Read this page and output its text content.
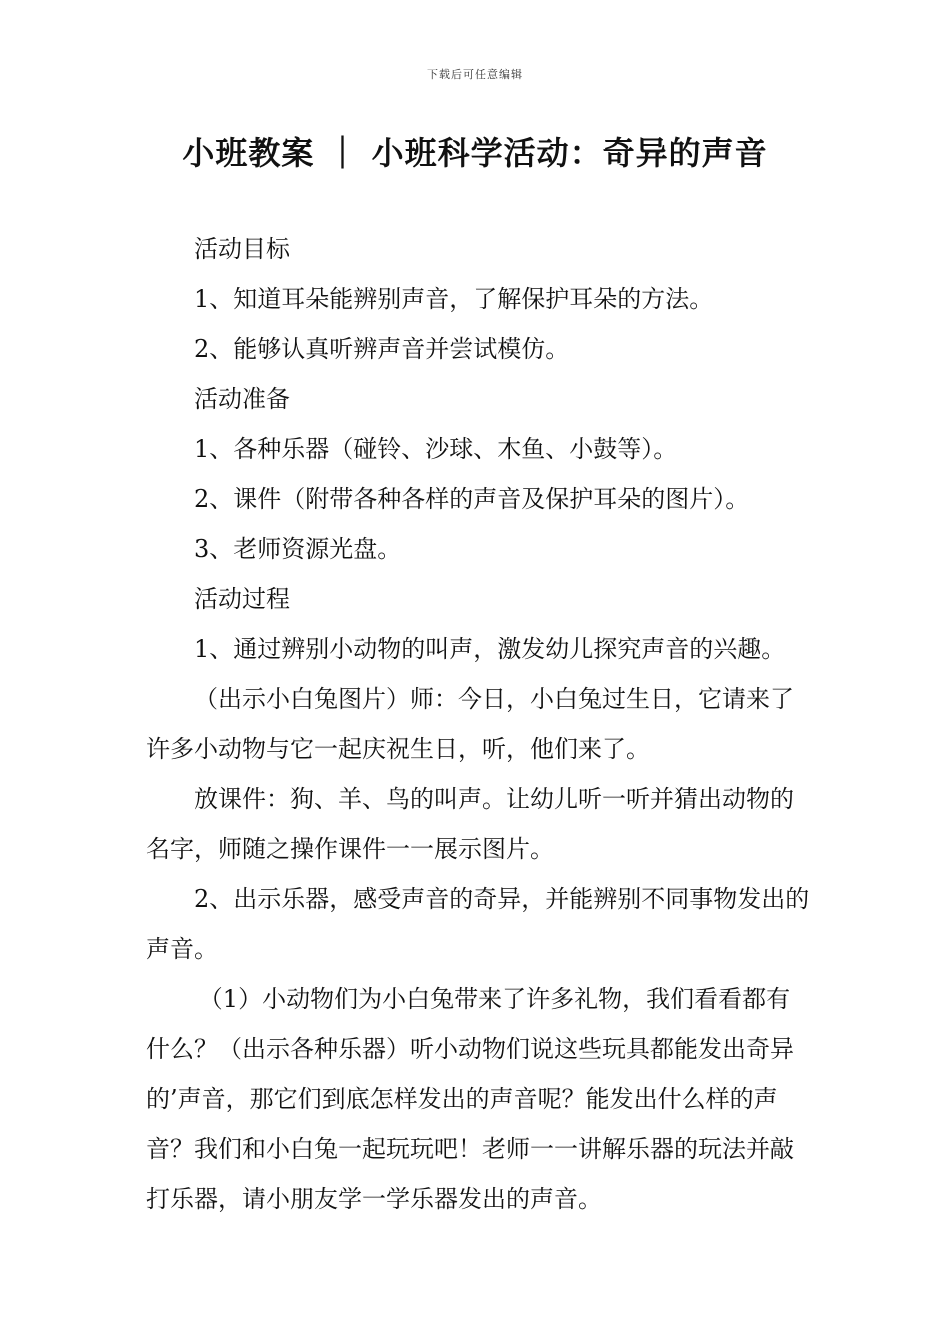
下载后可任意编辑
小班教案 ｜ 小班科学活动：奇异的声音

活动目标

1、知道耳朵能辨别声音，了解保护耳朵的方法。

2、能够认真听辨声音并尝试模仿。

活动准备

1、各种乐器（碰铃、沙球、木鱼、小鼓等）。

2、课件（附带各种各样的声音及保护耳朵的图片）。

3、老师资源光盘。

活动过程

1、通过辨别小动物的叫声，激发幼儿探究声音的兴趣。

（出示小白兔图片）师：今日，小白兔过生日，它请来了许多小动物与它一起庆祝生日，听，他们来了。

放课件：狗、羊、鸟的叫声。让幼儿听一听并猜出动物的名字，师随之操作课件一一展示图片。

2、出示乐器，感受声音的奇异，并能辨别不同事物发出的声音。

（1）小动物们为小白兔带来了许多礼物，我们看看都有什么？（出示各种乐器）听小动物们说这些玩具都能发出奇异的’声音，那它们到底怎样发出的声音呢？能发出什么样的声音？我们和小白兔一起玩玩吧！老师一一讲解乐器的玩法并敲打乐器，请小朋友学一学乐器发出的声音。
